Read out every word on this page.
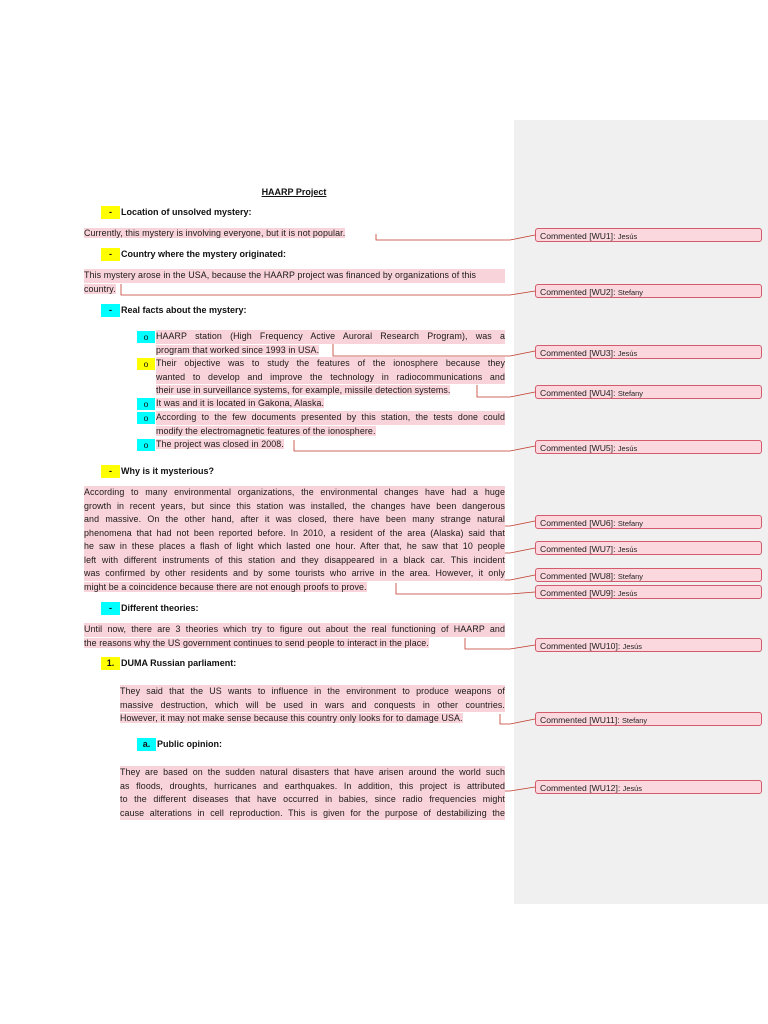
HAARP Project
-	Location of unsolved mystery:
Currently, this mystery is involving everyone, but it is not popular.
-	Country where the mystery originated:
This mystery arose in the USA, because the HAARP project was financed by organizations of this
country.
-	Real facts about the mystery:
o HAARP station (High Frequency Active Auroral Research Program), was a
program that worked since 1993 in USA.
o Their objective was to study the features of the ionosphere because they
wanted to develop and improve the technology in radiocommunications and
their use in surveillance systems, for example, missile detection systems.
o It was and it is located in Gakona, Alaska.
o According to the few documents presented by this station, the tests done could
modify the electromagnetic features of the ionosphere.
o The project was closed in 2008.
-	Why is it mysterious?
According to many environmental organizations, the environmental changes have had a huge
growth in recent years, but since this station was installed, the changes have been dangerous
and massive. On the other hand, after it was closed, there have been many strange natural
phenomena that had not been reported before. In 2010, a resident of the area (Alaska) said that
he saw in these places a flash of light which lasted one hour. After that, he saw that 10 people
left with different instruments of this station and they disappeared in a black car. This incident
was confirmed by other residents and by some tourists who arrive in the area. However, it only
might be a coincidence because there are not enough proofs to prove.
-	Different theories:
Until now, there are 3 theories which try to figure out about the real functioning of HAARP and
the reasons why the US government continues to send people to interact in the place.
1. DUMA Russian parliament:
They said that the US wants to influence in the environment to produce weapons of
massive destruction, which will be used in wars and conquests in other countries.
However, it may not make sense because this country only looks for to damage USA.
a. Public opinion:
They are based on the sudden natural disasters that have arisen around the world such
as floods, droughts, hurricanes and earthquakes. In addition, this project is attributed
to the different diseases that have occurred in babies, since radio frequencies might
cause alterations in cell reproduction. This is given for the purpose of destabilizing the
Commented [WU1]: Jesús
Commented [WU2]: Stefany
Commented [WU3]: Jesús
Commented [WU4]: Stefany
Commented [WU5]: Jesús
Commented [WU6]: Stefany
Commented [WU7]: Jesús
Commented [WU8]: Stefany
Commented [WU9]: Jesús
Commented [WU10]: Jesús
Commented [WU11]: Stefany
Commented [WU12]: Jesús
